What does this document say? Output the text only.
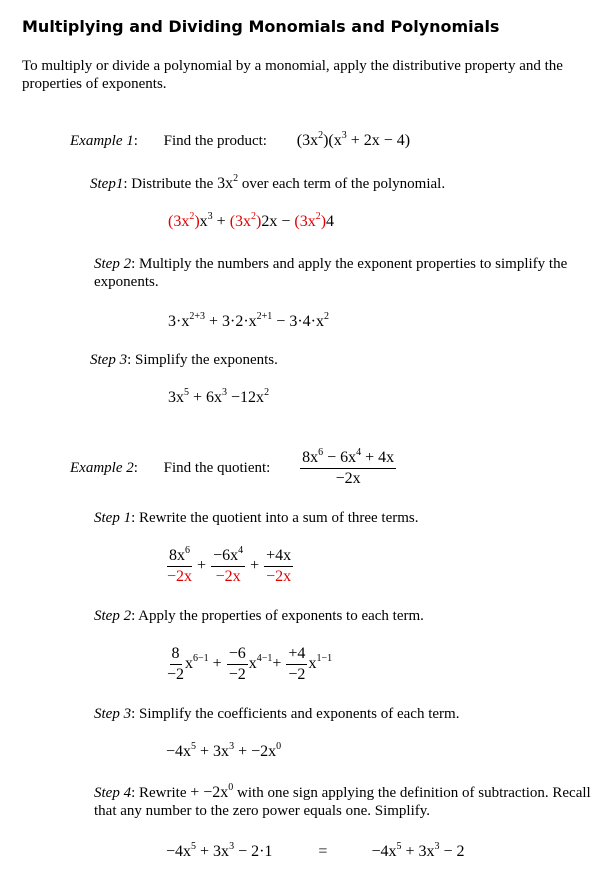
Multiplying and Dividing Monomials and Polynomials
To multiply or divide a polynomial by a monomial, apply the distributive property and the properties of exponents.
Example 1: Find the product: $(3x^2)(x^3 + 2x - 4)$
Step1: Distribute the $3x^2$ over each term of the polynomial.
$(3x^2)x^3 + (3x^2)2x - (3x^2)4$
Step 2: Multiply the numbers and apply the exponent properties to simplify the exponents.
$3\cdot x^{2+3} + 3\cdot 2\cdot x^{2+1} - 3\cdot 4\cdot x^2$
Step 3: Simplify the exponents.
$3x^5 + 6x^3 -12x^2$
Example 2: Find the quotient: $\frac{8x^6 - 6x^4 + 4x}{-2x}$
Step 1: Rewrite the quotient into a sum of three terms.
$\frac{8x^6}{-2x} + \frac{-6x^4}{-2x} + \frac{+4x}{-2x}$
Step 2: Apply the properties of exponents to each term.
$\frac{8}{-2} x^{6-1} + \frac{-6}{-2} x^{4-1}+ \frac{+4}{-2} x^{1-1}$
Step 3: Simplify the coefficients and exponents of each term.
$-4x^5 + 3x^3 + -2x^0$
Step 4: Rewrite + $-2x^0$ with one sign applying the definition of subtraction. Recall that any number to the zero power equals one. Simplify.
$-4x^5 + 3x^3 - 2\cdot 1$	=	$-4x^5 + 3x^3 - 2$
